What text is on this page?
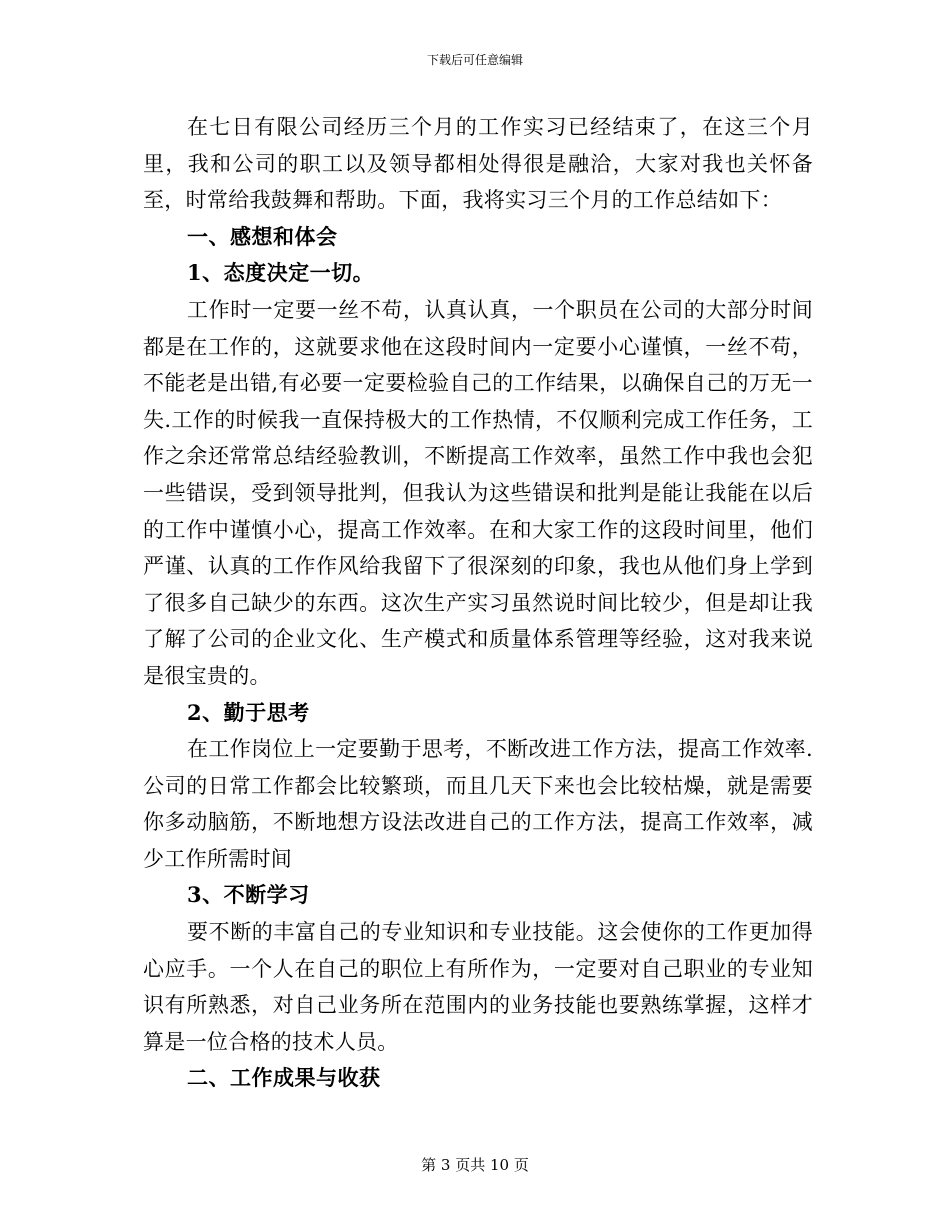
下载后可任意编辑

在七日有限公司经历三个月的工作实习已经结束了，在这三个月里，我和公司的职工以及领导都相处得很是融洽，大家对我也关怀备至，时常给我鼓舞和帮助。下面，我将实习三个月的工作总结如下：

一、感想和体会

1、态度决定一切。

工作时一定要一丝不苟，认真认真，一个职员在公司的大部分时间都是在工作的，这就要求他在这段时间内一定要小心谨慎，一丝不苟，不能老是出错,有必要一定要检验自己的工作结果，以确保自己的万无一失.工作的时候我一直保持极大的工作热情，不仅顺利完成工作任务，工作之余还常常总结经验教训，不断提高工作效率，虽然工作中我也会犯一些错误，受到领导批判，但我认为这些错误和批判是能让我能在以后的工作中谨慎小心，提高工作效率。在和大家工作的这段时间里，他们严谨、认真的工作作风给我留下了很深刻的印象，我也从他们身上学到了很多自己缺少的东西。这次生产实习虽然说时间比较少，但是却让我了解了公司的企业文化、生产模式和质量体系管理等经验，这对我来说是很宝贵的。

2、勤于思考

在工作岗位上一定要勤于思考，不断改进工作方法，提高工作效率.公司的日常工作都会比较繁琐，而且几天下来也会比较枯燥，就是需要你多动脑筋，不断地想方设法改进自己的工作方法，提高工作效率，减少工作所需时间

3、不断学习

要不断的丰富自己的专业知识和专业技能。这会使你的工作更加得心应手。一个人在自己的职位上有所作为，一定要对自己职业的专业知识有所熟悉，对自己业务所在范围内的业务技能也要熟练掌握，这样才算是一位合格的技术人员。

二、工作成果与收获

第 3 页共 10 页
